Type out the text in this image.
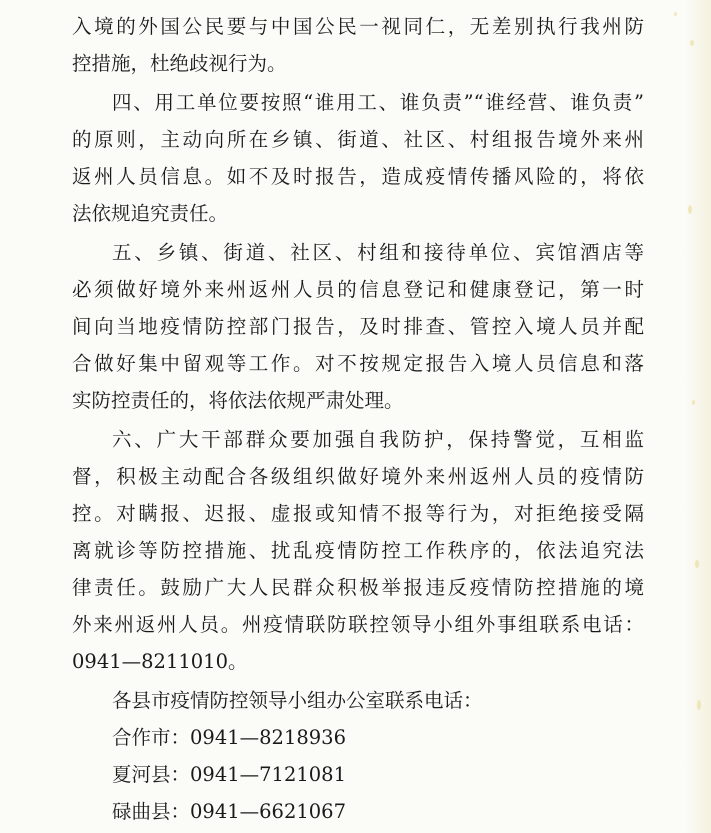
入境的外国公民要与中国公民一视同仁，无差别执行我州防
控措施，杜绝歧视行为。
四、用工单位要按照“谁用工、谁负责”“谁经营、谁负责”
的原则，主动向所在乡镇、街道、社区、村组报告境外来州
返州人员信息。如不及时报告，造成疫情传播风险的，将依
法依规追究责任。
五、乡镇、街道、社区、村组和接待单位、宾馆酒店等
必须做好境外来州返州人员的信息登记和健康登记，第一时
间向当地疫情防控部门报告，及时排查、管控入境人员并配
合做好集中留观等工作。对不按规定报告入境人员信息和落
实防控责任的，将依法依规严肃处理。
六、广大干部群众要加强自我防护，保持警觉，互相监
督，积极主动配合各级组织做好境外来州返州人员的疫情防
控。对瞒报、迟报、虚报或知情不报等行为，对拒绝接受隔
离就诊等防控措施、扰乱疫情防控工作秩序的，依法追究法
律责任。鼓励广大人民群众积极举报违反疫情防控措施的境
外来州返州人员。州疫情联防联控领导小组外事组联系电话：
0941—8211010。
各县市疫情防控领导小组办公室联系电话：
合作市：0941—8218936
夏河县：0941—7121081
碌曲县：0941—6621067
